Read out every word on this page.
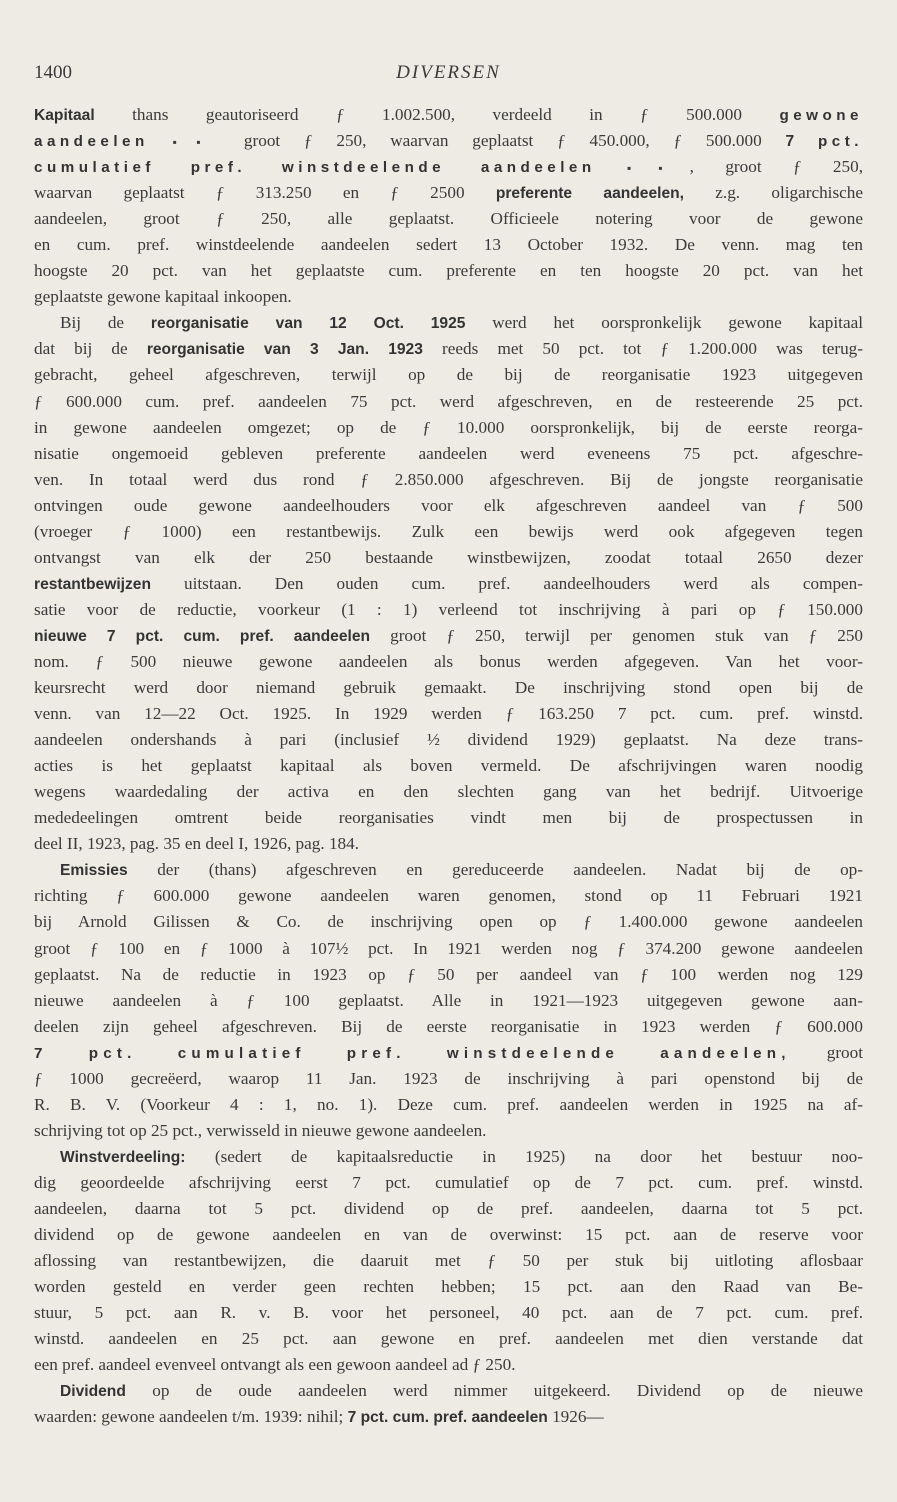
1400	DIVERSEN
Kapitaal thans geautoriseerd ƒ 1.002.500, verdeeld in ƒ 500.000 gewone
aandeelen ▪▪ groot ƒ 250, waarvan geplaatst ƒ 450.000, ƒ 500.000 7 pct.
cumulatief pref. winstdeelende aandeelen	▪▪, groot ƒ 250,
waarvan geplaatst ƒ 313.250 en ƒ 2500 preferente aandeelen, z.g. oligarchische
aandeelen, groot ƒ 250, alle geplaatst. Officieele notering voor de gewone
en cum. pref. winstdeelende aandeelen sedert 13 October 1932. De venn. mag ten
hoogste 20 pct. van het geplaatste cum. preferente en ten hoogste 20 pct. van het
geplaatste gewone kapitaal inkoopen.
Bij de reorganisatie van 12 Oct. 1925 werd het oorspronkelijk gewone kapitaal
dat bij de reorganisatie van 3 Jan. 1923 reeds met 50 pct. tot ƒ 1.200.000 was terug-
gebracht, geheel afgeschreven, terwijl op de bij de reorganisatie 1923 uitgegeven
ƒ 600.000 cum. pref. aandeelen 75 pct. werd afgeschreven, en de resteerende 25 pct.
in gewone aandeelen omgezet; op de ƒ 10.000 oorspronkelijk, bij de eerste reorga-
nisatie ongemoeid gebleven preferente aandeelen werd eveneens 75 pct. afgeschre-
ven. In totaal werd dus rond ƒ 2.850.000 afgeschreven. Bij de jongste reorganisatie
ontvingen oude gewone aandeelhouders voor elk afgeschreven aandeel van ƒ 500
(vroeger ƒ 1000) een restantbewijs. Zulk een bewijs werd ook afgegeven tegen
ontvangst van elk der 250 bestaande winstbewijzen, zoodat totaal 2650 dezer
restantbewijzen uitstaan. Den ouden cum. pref. aandeelhouders werd als compen-
satie voor de reductie, voorkeur (1 : 1) verleend tot inschrijving à pari op ƒ 150.000
nieuwe 7 pct. cum. pref. aandeelen groot ƒ 250, terwijl per genomen stuk van ƒ 250
nom. ƒ 500 nieuwe gewone aandeelen als bonus werden afgegeven. Van het voor-
keursrecht werd door niemand gebruik gemaakt. De inschrijving stond open bij de
venn. van 12—22 Oct. 1925. In 1929 werden ƒ 163.250 7 pct. cum. pref. winstd.
aandeelen ondershands à pari (inclusief ½ dividend 1929) geplaatst. Na deze trans-
acties is het geplaatst kapitaal als boven vermeld. De afschrijvingen waren noodig
wegens waardedaling der activa en den slechten gang van het bedrijf. Uitvoerige
mededeelingen omtrent beide reorganisaties vindt men bij de prospectussen in
deel II, 1923, pag. 35 en deel I, 1926, pag. 184.
Emissies der (thans) afgeschreven en gereduceerde aandeelen. Nadat bij de op-
richting ƒ 600.000 gewone aandeelen waren genomen, stond op 11 Februari 1921
bij Arnold Gilissen & Co. de inschrijving open op ƒ 1.400.000 gewone aandeelen
groot ƒ 100 en ƒ 1000 à 107½ pct. In 1921 werden nog ƒ 374.200 gewone aandeelen
geplaatst. Na de reductie in 1923 op ƒ 50 per aandeel van ƒ 100 werden nog 129
nieuwe aandeelen à ƒ 100 geplaatst. Alle in 1921—1923 uitgegeven gewone aan-
deelen zijn geheel afgeschreven. Bij de eerste reorganisatie in 1923 werden ƒ 600.000
7 pct. cumulatief pref. winstdeelende aandeelen, groot
ƒ 1000 gecreëerd, waarop 11 Jan. 1923 de inschrijving à pari openstond bij de
R. B. V. (Voorkeur 4 : 1, no. 1). Deze cum. pref. aandeelen werden in 1925 na af-
schrijving tot op 25 pct., verwisseld in nieuwe gewone aandeelen.
Winstverdeeling: (sedert de kapitaalsreductie in 1925) na door het bestuur noo-
dig geoordeelde afschrijving eerst 7 pct. cumulatief op de 7 pct. cum. pref. winstd.
aandeelen, daarna tot 5 pct. dividend op de pref. aandeelen, daarna tot 5 pct.
dividend op de gewone aandeelen en van de overwinst: 15 pct. aan de reserve voor
aflossing van restantbewijzen, die daaruit met ƒ 50 per stuk bij uitloting aflosbaar
worden gesteld en verder geen rechten hebben; 15 pct. aan den Raad van Be-
stuur, 5 pct. aan R. v. B. voor het personeel, 40 pct. aan de 7 pct. cum. pref.
winstd. aandeelen en 25 pct. aan gewone en pref. aandeelen met dien verstande dat
een pref. aandeel evenveel ontvangt als een gewoon aandeel ad ƒ 250.
Dividend op de oude aandeelen werd nimmer uitgekeerd. Dividend op de nieuwe
waarden: gewone aandeelen t/m. 1939: nihil; 7 pct. cum. pref. aandeelen 1926—
